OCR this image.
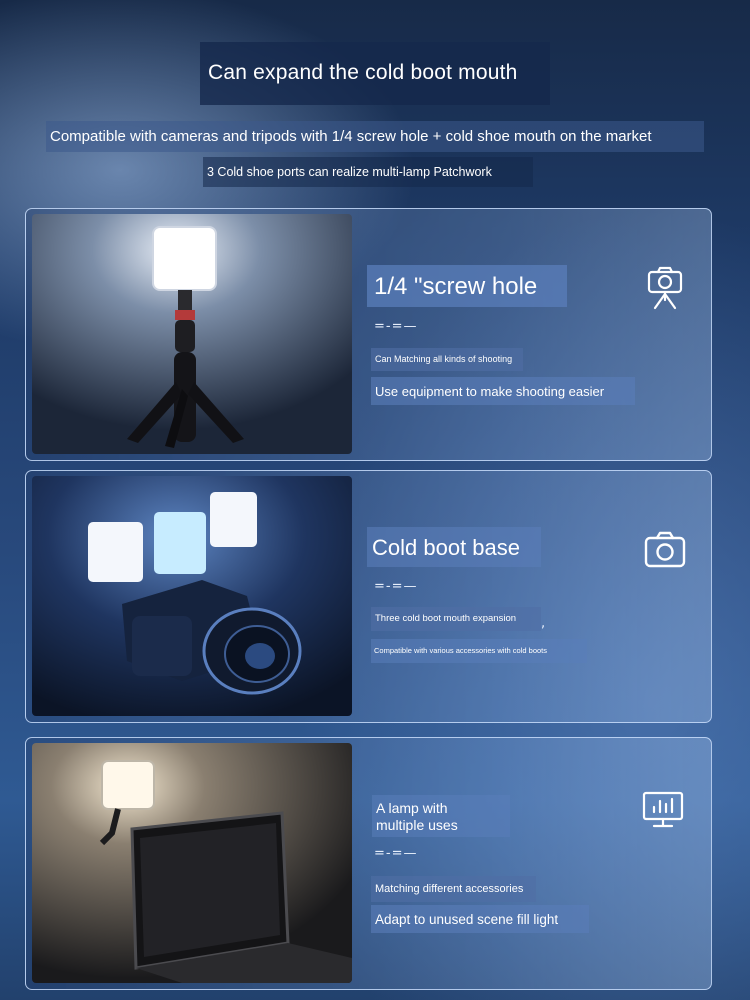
Can expand the cold boot mouth
Compatible with cameras and tripods with 1/4 screw hole + cold shoe mouth on the market
3 Cold shoe ports can realize multi-lamp Patchwork
1/4 "screw hole
=-=—
Can Matching all kinds of shooting
Use equipment to make shooting easier
Cold boot base
=-=—
Three cold boot mouth expansion ,
Compatible with various accessories with cold boots
A lamp with
multiple uses
=-=—
Matching different accessories
Adapt to unused scene fill light
